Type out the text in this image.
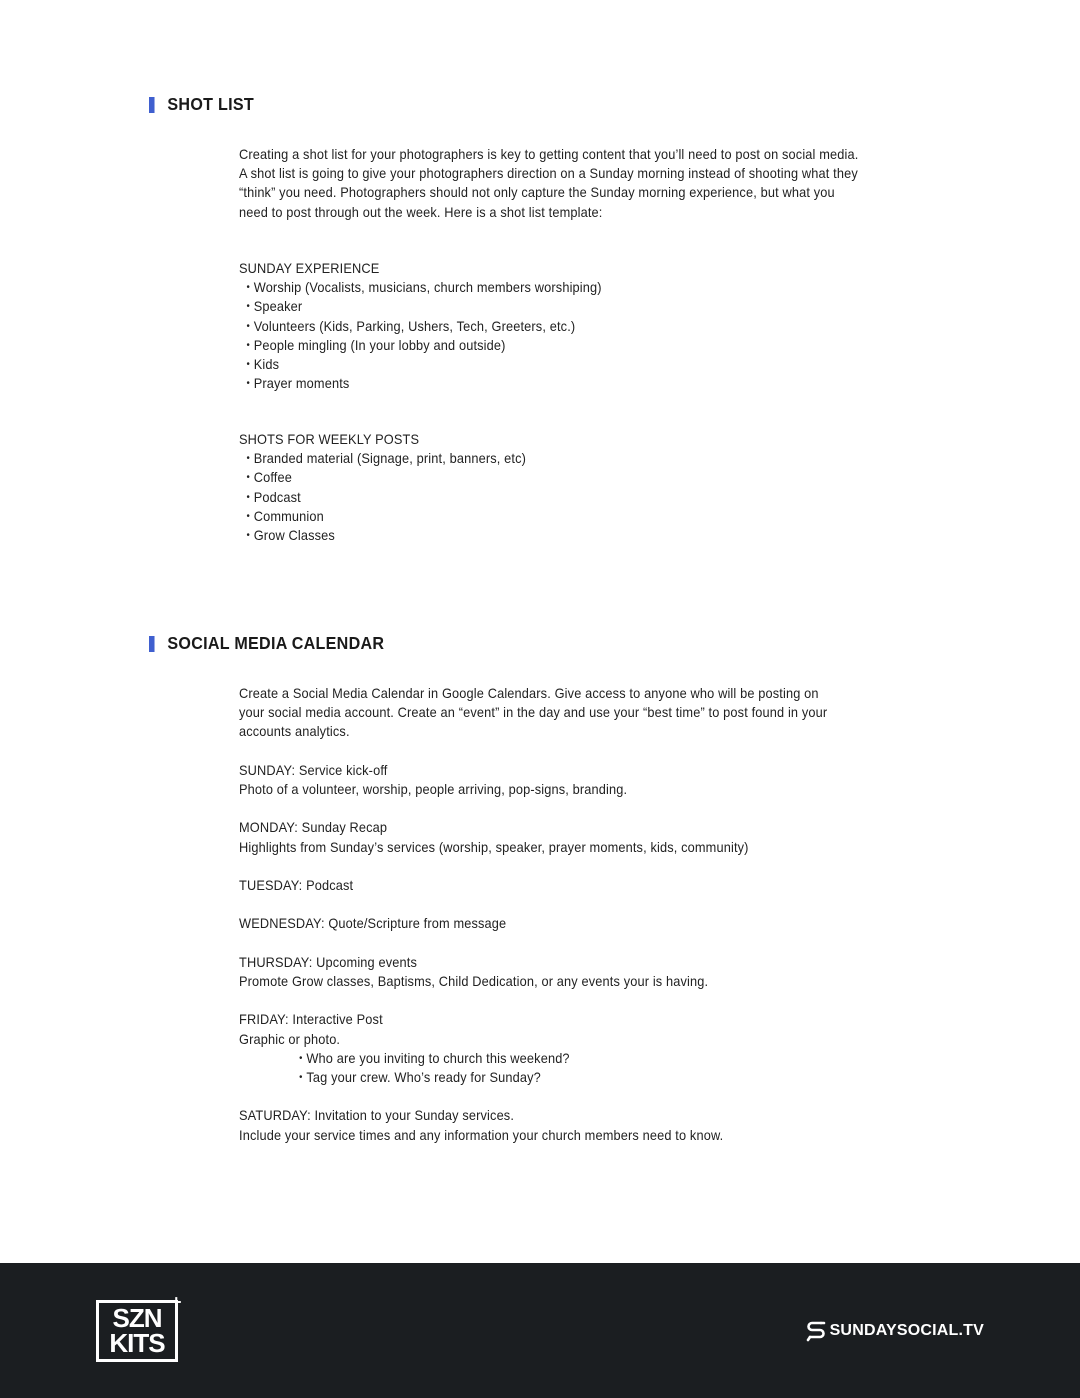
SHOT LIST

Creating a shot list for your photographers is key to getting content that you’ll need to post on social media.

A shot list is going to give your photographers direction on a Sunday morning instead of shooting what they

“think” you need. Photographers should not only capture the Sunday morning experience, but what you

need to post through out the week. Here is a shot list template:

SUNDAY EXPERIENCE

• Worship (Vocalists, musicians, church members worshiping)
• Speaker
• Volunteers (Kids, Parking, Ushers, Tech, Greeters, etc.)
• People mingling (In your lobby and outside)
• Kids
• Prayer moments

SHOTS FOR WEEKLY POSTS

• Branded material (Signage, print, banners, etc)
• Coffee
• Podcast
• Communion
• Grow Classes
SOCIAL MEDIA CALENDAR

Create a Social Media Calendar in Google Calendars. Give access to anyone who will be posting on

your social media account. Create an “event” in the day and use your “best time” to post found in your

accounts analytics.

SUNDAY: Service kick-off

Photo of a volunteer, worship, people arriving, pop-signs, branding.

MONDAY: Sunday Recap

Highlights from Sunday’s services (worship, speaker, prayer moments, kids, community)

TUESDAY: Podcast

WEDNESDAY: Quote/Scripture from message

THURSDAY: Upcoming events

Promote Grow classes, Baptisms, Child Dedication, or any events your is having.

FRIDAY: Interactive Post

Graphic or photo.

• Who are you inviting to church this weekend?
• Tag your crew. Who’s ready for Sunday?

SATURDAY: Invitation to your Sunday services.

Include your service times and any information your church members need to know.

SZN
KITS
+
SUNDAYSOCIAL.TV
